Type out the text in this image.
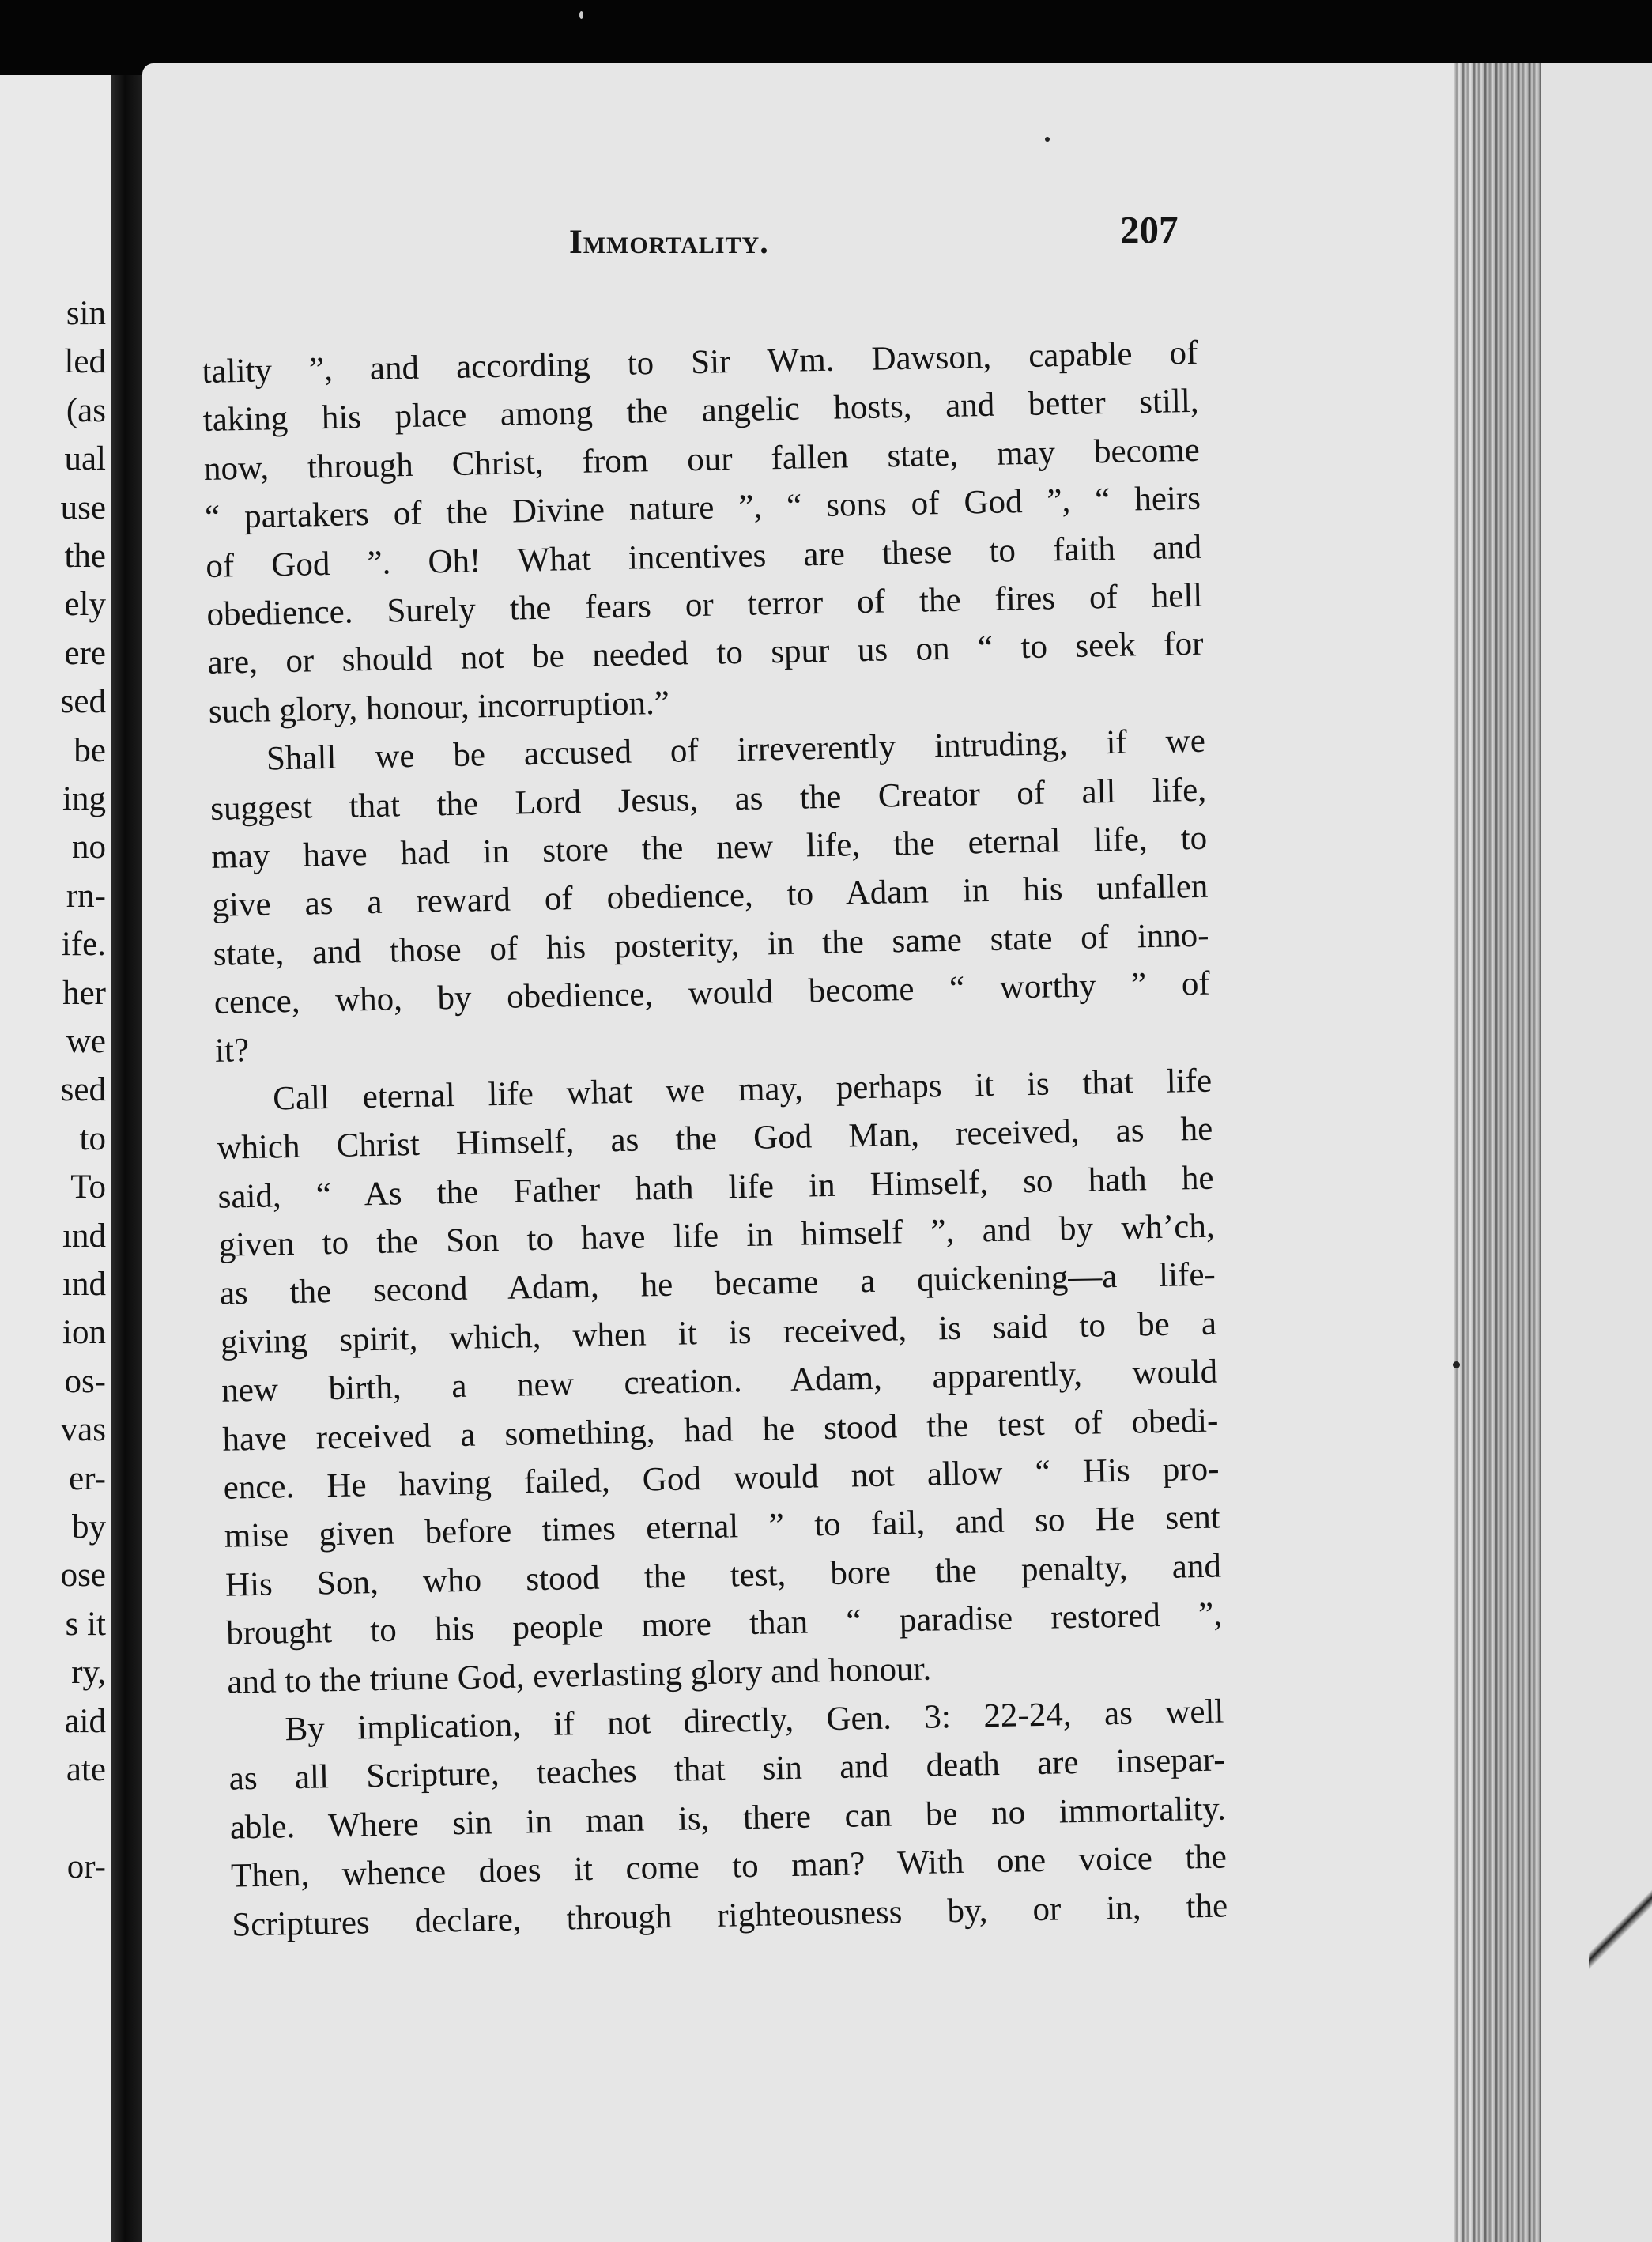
sin
led
(as
ual
use
the
ely
ere
sed
be
ing
no
rn-
ife.
her
we
sed
to
To
ınd
ınd
ion
os-
vas
er-
by
ose
s it
ry,
aid
ate
or-
Immortality.	207
tality ”, and according to Sir Wm. Dawson, capable of
taking his place among the angelic hosts, and better still,
now, through Christ, from our fallen state, may become
“ partakers of the Divine nature ”, “ sons of God ”, “ heirs
of God ”. Oh! What incentives are these to faith and
obedience. Surely the fears or terror of the fires of hell
are, or should not be needed to spur us on “ to seek for
such glory, honour, incorruption.”
Shall we be accused of irreverently intruding, if we
suggest that the Lord Jesus, as the Creator of all life,
may have had in store the new life, the eternal life, to
give as a reward of obedience, to Adam in his unfallen
state, and those of his posterity, in the same state of inno-
cence, who, by obedience, would become “ worthy ” of
it?
Call eternal life what we may, perhaps it is that life
which Christ Himself, as the God Man, received, as he
said, “ As the Father hath life in Himself, so hath he
given to the Son to have life in himself ”, and by wh’ch,
as the second Adam, he became a quickening—a life-
giving spirit, which, when it is received, is said to be a
new birth, a new creation. Adam, apparently, would
have received a something, had he stood the test of obedi-
ence. He having failed, God would not allow “ His pro-
mise given before times eternal ” to fail, and so He sent
His Son, who stood the test, bore the penalty, and
brought to his people more than “ paradise restored ”,
and to the triune God, everlasting glory and honour.
By implication, if not directly, Gen. 3: 22-24, as well
as all Scripture, teaches that sin and death are insepar-
able. Where sin in man is, there can be no immortality.
Then, whence does it come to man? With one voice the
Scriptures declare, through righteousness by, or in, the
